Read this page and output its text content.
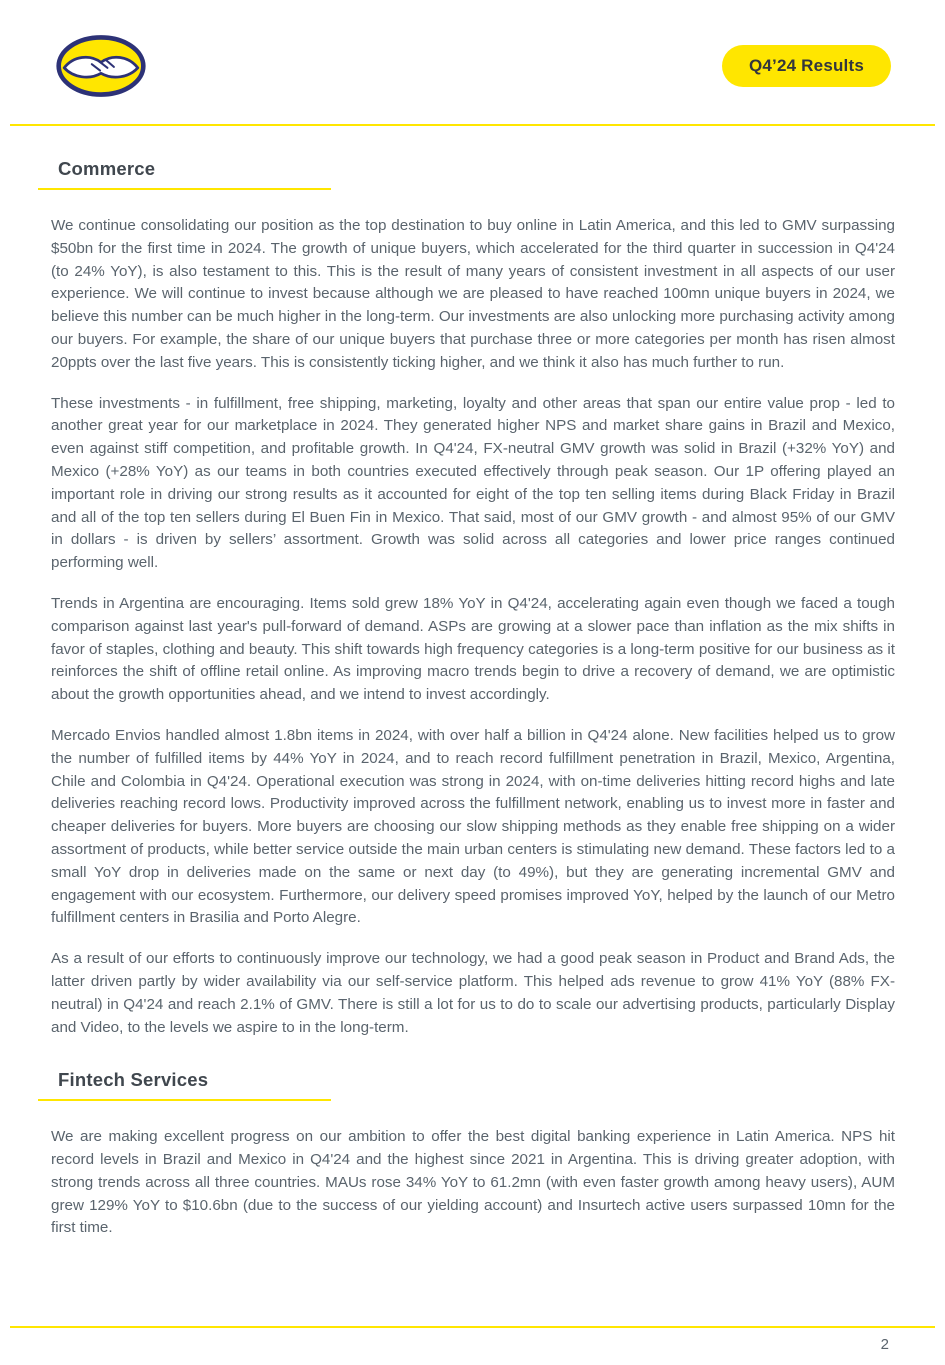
Q4’24 Results
Commerce

We continue consolidating our position as the top destination to buy online in Latin America, and this led to GMV surpassing $50bn for the first time in 2024. The growth of unique buyers, which accelerated for the third quarter in succession in Q4'24 (to 24% YoY), is also testament to this. This is the result of many years of consistent investment in all aspects of our user experience. We will continue to invest because although we are pleased to have reached 100mn unique buyers in 2024, we believe this number can be much higher in the long-term. Our investments are also unlocking more purchasing activity among our buyers. For example, the share of our unique buyers that purchase three or more categories per month has risen almost 20ppts over the last five years. This is consistently ticking higher, and we think it also has much further to run.

These investments - in fulfillment, free shipping, marketing, loyalty and other areas that span our entire value prop - led to another great year for our marketplace in 2024. They generated higher NPS and market share gains in Brazil and Mexico, even against stiff competition, and profitable growth. In Q4'24, FX-neutral GMV growth was solid in Brazil (+32% YoY) and Mexico (+28% YoY) as our teams in both countries executed effectively through peak season. Our 1P offering played an important role in driving our strong results as it accounted for eight of the top ten selling items during Black Friday in Brazil and all of the top ten sellers during El Buen Fin in Mexico. That said, most of our GMV growth - and almost 95% of our GMV in dollars - is driven by sellers’ assortment. Growth was solid across all categories and lower price ranges continued performing well.

Trends in Argentina are encouraging. Items sold grew 18% YoY in Q4'24, accelerating again even though we faced a tough comparison against last year's pull-forward of demand. ASPs are growing at a slower pace than inflation as the mix shifts in favor of staples, clothing and beauty. This shift towards high frequency categories is a long-term positive for our business as it reinforces the shift of offline retail online. As improving macro trends begin to drive a recovery of demand, we are optimistic about the growth opportunities ahead, and we intend to invest accordingly.

Mercado Envios handled almost 1.8bn items in 2024, with over half a billion in Q4'24 alone. New facilities helped us to grow the number of fulfilled items by 44% YoY in 2024, and to reach record fulfillment penetration in Brazil, Mexico, Argentina, Chile and Colombia in Q4'24. Operational execution was strong in 2024, with on-time deliveries hitting record highs and late deliveries reaching record lows. Productivity improved across the fulfillment network, enabling us to invest more in faster and cheaper deliveries for buyers. More buyers are choosing our slow shipping methods as they enable free shipping on a wider assortment of products, while better service outside the main urban centers is stimulating new demand. These factors led to a small YoY drop in deliveries made on the same or next day (to 49%), but they are generating incremental GMV and engagement with our ecosystem. Furthermore, our delivery speed promises improved YoY, helped by the launch of our Metro fulfillment centers in Brasilia and Porto Alegre.

As a result of our efforts to continuously improve our technology, we had a good peak season in Product and Brand Ads, the latter driven partly by wider availability via our self-service platform. This helped ads revenue to grow 41% YoY (88% FX-neutral) in Q4'24 and reach 2.1% of GMV. There is still a lot for us to do to scale our advertising products, particularly Display and Video, to the levels we aspire to in the long-term.

Fintech Services

We are making excellent progress on our ambition to offer the best digital banking experience in Latin America. NPS hit record levels in Brazil and Mexico in Q4'24 and the highest since 2021 in Argentina. This is driving greater adoption, with strong trends across all three countries. MAUs rose 34% YoY to 61.2mn (with even faster growth among heavy users), AUM grew 129% YoY to $10.6bn (due to the success of our yielding account) and Insurtech active users surpassed 10mn for the first time.

2
